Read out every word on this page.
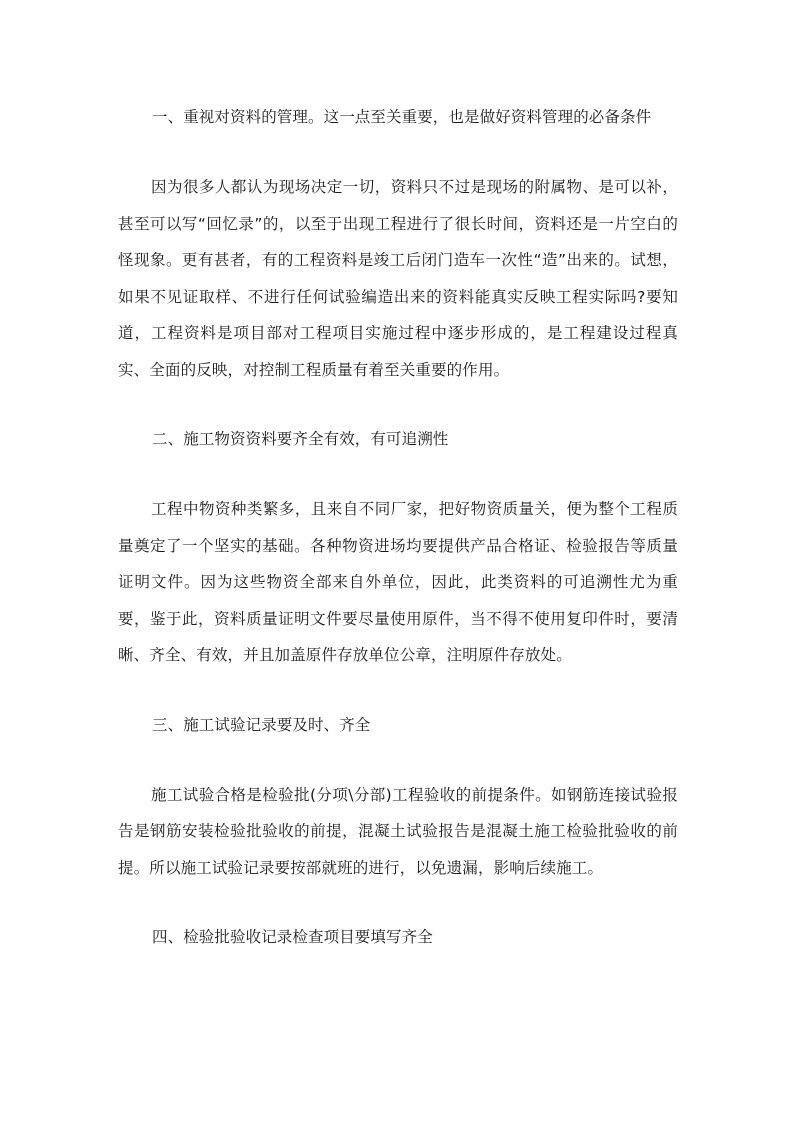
一、重视对资料的管理。这一点至关重要，也是做好资料管理的必备条件

因为很多人都认为现场决定一切，资料只不过是现场的附属物、是可以补，甚至可以写“回忆录”的，以至于出现工程进行了很长时间，资料还是一片空白的怪现象。更有甚者，有的工程资料是竣工后闭门造车一次性“造”出来的。试想，如果不见证取样、不进行任何试验编造出来的资料能真实反映工程实际吗?要知道，工程资料是项目部对工程项目实施过程中逐步形成的，是工程建设过程真实、全面的反映，对控制工程质量有着至关重要的作用。

二、施工物资资料要齐全有效，有可追溯性

工程中物资种类繁多，且来自不同厂家，把好物资质量关，便为整个工程质量奠定了一个坚实的基础。各种物资进场均要提供产品合格证、检验报告等质量证明文件。因为这些物资全部来自外单位，因此，此类资料的可追溯性尤为重要，鉴于此，资料质量证明文件要尽量使用原件，当不得不使用复印件时，要清晰、齐全、有效，并且加盖原件存放单位公章，注明原件存放处。

三、施工试验记录要及时、齐全

施工试验合格是检验批(分项\分部)工程验收的前提条件。如钢筋连接试验报告是钢筋安装检验批验收的前提，混凝土试验报告是混凝土施工检验批验收的前提。所以施工试验记录要按部就班的进行，以免遗漏，影响后续施工。

四、检验批验收记录检查项目要填写齐全
